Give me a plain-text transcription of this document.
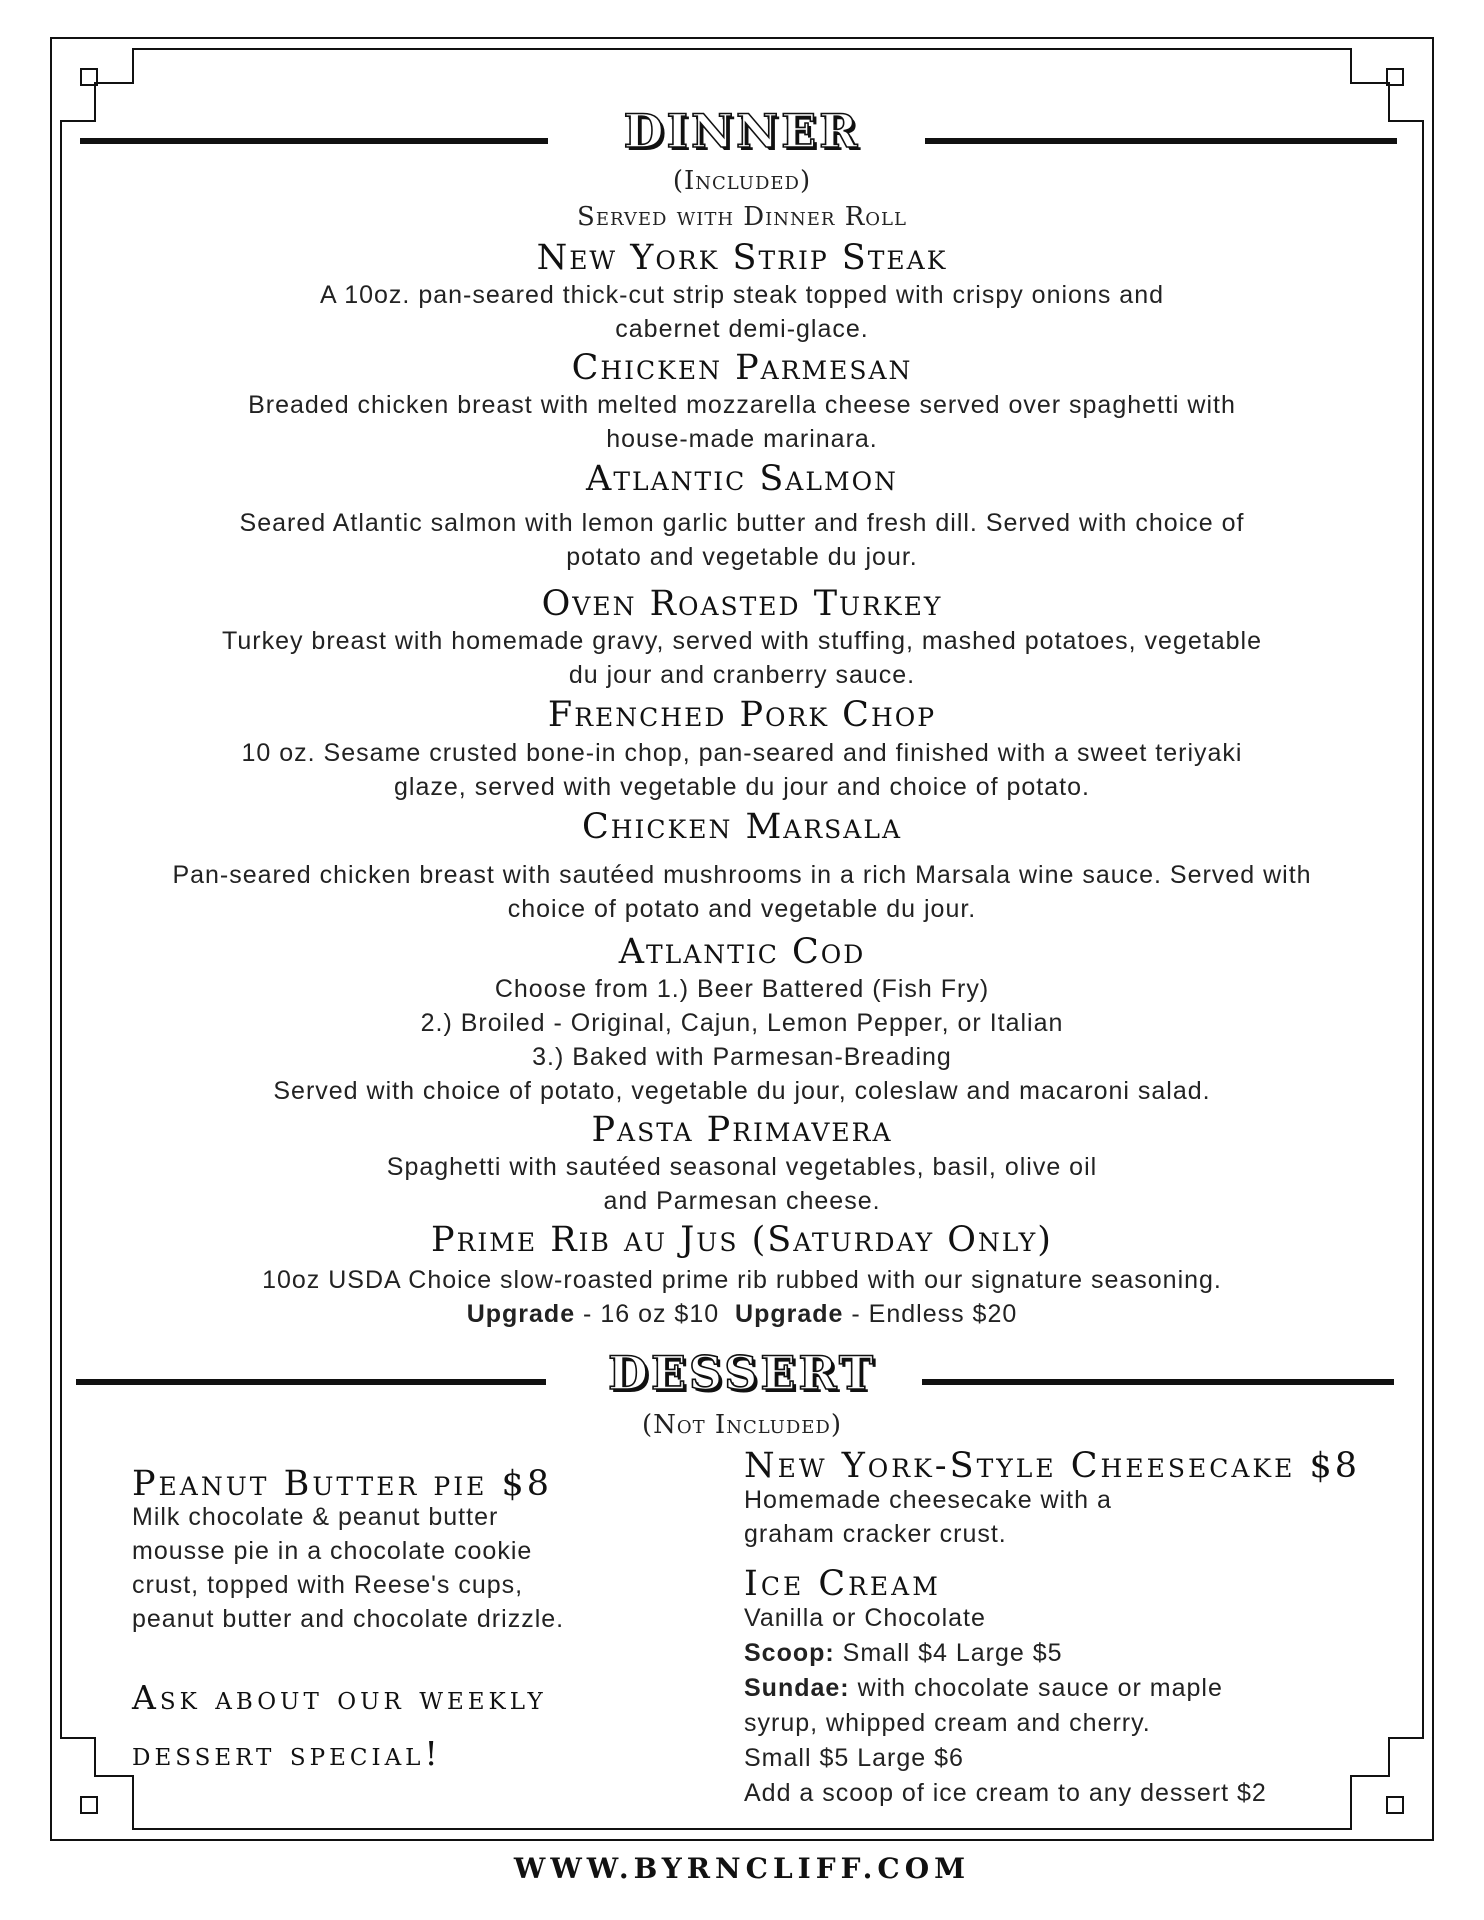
DINNER
(Included)
Served with Dinner Roll
New York Strip Steak
A 10oz. pan-seared thick-cut strip steak topped with crispy onions and
cabernet demi-glace.
Chicken Parmesan
Breaded chicken breast with melted mozzarella cheese served over spaghetti with
house-made marinara.
Atlantic Salmon
Seared Atlantic salmon with lemon garlic butter and fresh dill. Served with choice of
potato and vegetable du jour.
Oven Roasted Turkey
Turkey breast with homemade gravy, served with stuffing, mashed potatoes, vegetable
du jour and cranberry sauce.
Frenched Pork Chop
10 oz. Sesame crusted bone-in chop, pan-seared and finished with a sweet teriyaki
glaze, served with vegetable du jour and choice of potato.
Chicken Marsala
Pan-seared chicken breast with sautéed mushrooms in a rich Marsala wine sauce. Served with
choice of potato and vegetable du jour.
Atlantic Cod
Choose from 1.) Beer Battered (Fish Fry)
2.) Broiled - Original, Cajun, Lemon Pepper, or Italian
3.) Baked with Parmesan-Breading
Served with choice of potato, vegetable du jour, coleslaw and macaroni salad.
Pasta Primavera
Spaghetti with sautéed seasonal vegetables, basil, olive oil
and Parmesan cheese.
Prime Rib au Jus (Saturday Only)
10oz USDA Choice slow-roasted prime rib rubbed with our signature seasoning.
Upgrade - 16 oz $10  Upgrade - Endless $20
DESSERT
(Not Included)
Peanut Butter pie $8
Milk chocolate & peanut butter
mousse pie in a chocolate cookie
crust, topped with Reese's cups,
peanut butter and chocolate drizzle.
Ask about our weekly
dessert special!
New York-Style Cheesecake $8
Homemade cheesecake with a
graham cracker crust.
Ice Cream
Vanilla or Chocolate
Scoop: Small $4 Large $5
Sundae: with chocolate sauce or maple
syrup, whipped cream and cherry.
Small $5 Large $6
Add a scoop of ice cream to any dessert $2
WWW.BYRNCLIFF.COM
